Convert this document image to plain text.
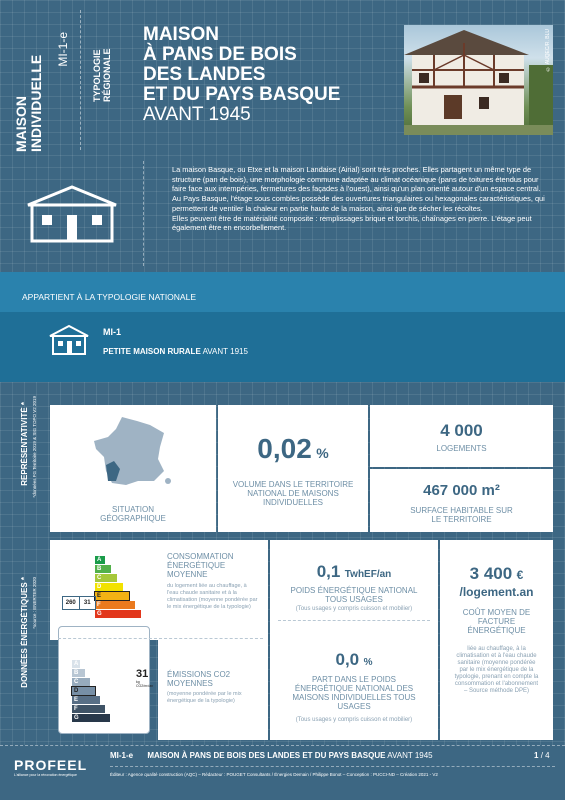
MAISON INDIVIDUELLE
MI-1-e
TYPOLOGIE RÉGIONALE
MAISON
À PANS DE BOIS
DES LANDES
ET DU PAYS BASQUE
AVANT 1945
© AUQEC/R. BLU
La maison Basque, ou Etxe et la maison Landaise (Airial) sont très proches. Elles partagent un même type de structure (pan de bois), une morphologie commune adaptée au climat océanique (pans de toitures étendus pour faire face aux intempéries, fermetures des façades à l'ouest), ainsi qu'un plan orienté autour d'un espace central.
Au Pays Basque, l'étage sous combles possède des ouvertures triangulaires ou hexagonales caractéristiques, qui permettent de ventiler la chaleur en partie haute de la maison, ainsi que de sécher les récoltes.
Elles peuvent être de matérialité composite : remplissages brique et torchis, chaînages en pierre. L'étage peut également être en encorbellement.
APPARTIENT À LA TYPOLOGIE NATIONALE
MI-1
PETITE MAISON RURALE AVANT 1915
REPRÉSENTATIVITÉ * *données FG Territoire 2019 & SIG TOPO V2 2019
SITUATION GÉOGRAPHIQUE
0,02 %
VOLUME DANS LE TERRITOIRE NATIONAL DE MAISONS INDIVIDUELLES
4 000
LOGEMENTS
467 000 m²
SURFACE HABITABLE SUR LE TERRITOIRE
DONNÉES ÉNERGÉTIQUES * *source : ENERTER 2020
A
B
C
D
E
F
G
260	31
CONSOMMATION ÉNERGÉTIQUE MOYENNE
du logement liée au chauffage, à l'eau chaude sanitaire et à la climatisation (moyenne pondérée par le mix énergétique de la typologie)
A
B
C
D
E
F
G
31
kg CO2/m²/an
ÉMISSIONS CO2 MOYENNES
(moyenne pondérée par le mix énergétique de la typologie)
0,1 TwhEF/an
POIDS ÉNERGÉTIQUE NATIONAL TOUS USAGES
(Tous usages y compris cuisson et mobilier)
0,0 %
PART DANS LE POIDS ÉNERGÉTIQUE NATIONAL DES MAISONS INDIVIDUELLES TOUS USAGES
(Tous usages y compris cuisson et mobilier)
3 400 €
/logement.an
COÛT MOYEN DE FACTURE ÉNERGÉTIQUE
liée au chauffage, à la climatisation et à l'eau chaude sanitaire (moyenne pondérée par le mix énergétique de la typologie, prenant en compte la consommation et l'abonnement – Source méthode DPE)
PROFEEL
L'alliance pour la rénovation énergétique
MI-1-e MAISON À PANS DE BOIS DES LANDES ET DU PAYS BASQUE AVANT 1945	1 / 4
Éditeur : Agence qualité construction (AQC) – Rédacteur : POUGET Consultants / Énergies Demain / Philippe Bonot – Conception : PUCCI-ND – Création 2021 - V2
